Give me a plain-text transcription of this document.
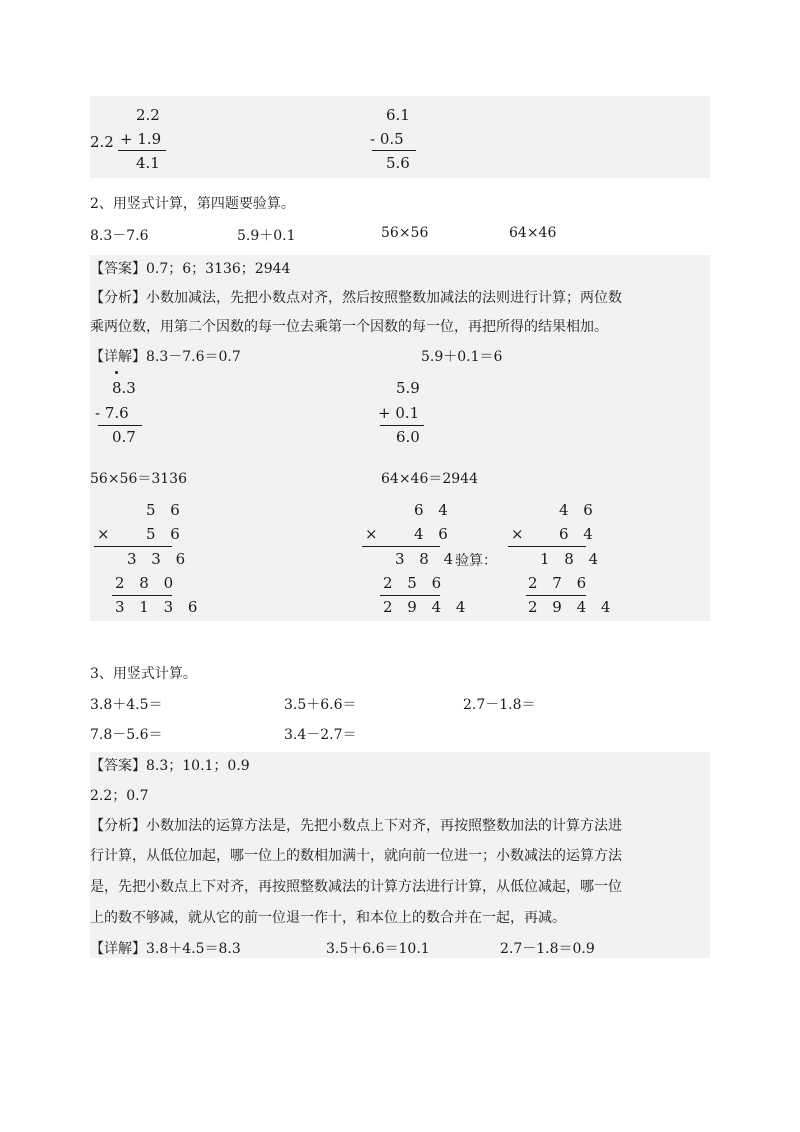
2.2
2.2
+ 1.9
4.1
6.1
- 0.5
5.6
2、用竖式计算，第四题要验算。
8.3－7.6	5.9＋0.1	56×56	64×46
【答案】0.7；6；3136；2944
【分析】小数加减法，先把小数点对齐，然后按照整数加减法的法则进行计算；两位数
乘两位数，用第二个因数的每一位去乘第一个因数的每一位，再把所得的结果相加。
【详解】8.3－7.6＝0.7	5.9＋0.1＝6
8.3
- 7.6
0.7
5.9
+ 0.1
6.0
56×56＝3136	64×46＝2944
5 6
× 5 6
3 3 6
2 8 0
3 1 3 6
6 4
× 4 6
3 8 4
2 5 6
2 9 4 4
验算：
4 6
× 6 4
1 8 4
2 7 6
2 9 4 4
3、用竖式计算。
3.8＋4.5＝	3.5＋6.6＝	2.7－1.8＝
7.8－5.6＝	3.4－2.7＝
【答案】8.3；10.1；0.9
2.2；0.7
【分析】小数加法的运算方法是，先把小数点上下对齐，再按照整数加法的计算方法进
行计算，从低位加起，哪一位上的数相加满十，就向前一位进一；小数减法的运算方法
是，先把小数点上下对齐，再按照整数减法的计算方法进行计算，从低位减起，哪一位
上的数不够减，就从它的前一位退一作十，和本位上的数合并在一起，再减。
【详解】3.8＋4.5＝8.3	3.5＋6.6＝10.1	2.7－1.8＝0.9
